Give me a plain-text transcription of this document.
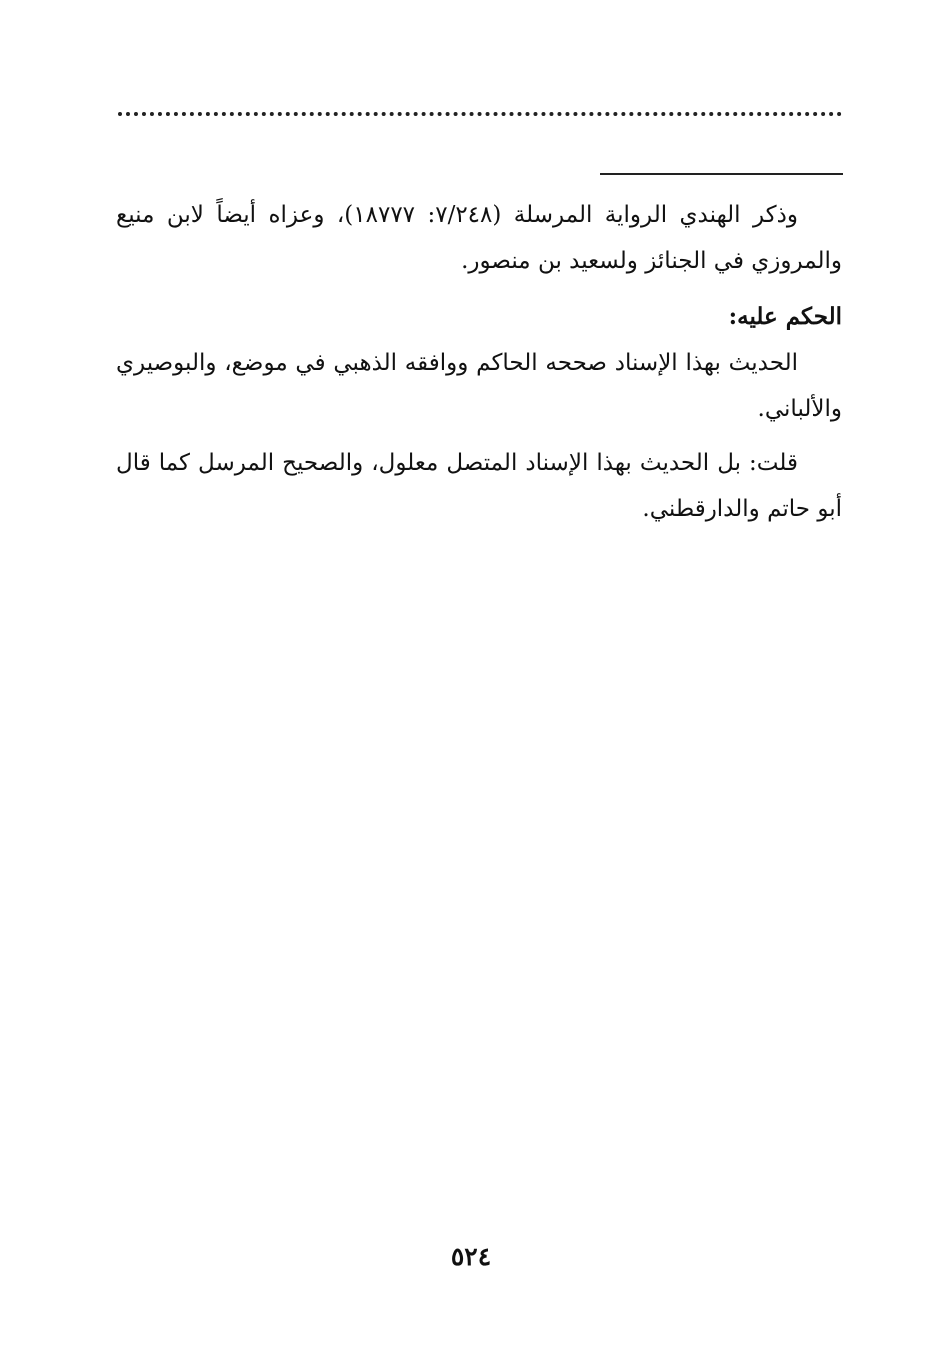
وذكر الهندي الرواية المرسلة (٧/٢٤٨: ١٨٧٧٧)، وعزاه أيضاً لابن منيع والمروزي في الجنائز ولسعيد بن منصور.

الحكم عليه:

الحديث بهذا الإسناد صححه الحاكم ووافقه الذهبي في موضع، والبوصيري والألباني.

قلت: بل الحديث بهذا الإسناد المتصل معلول، والصحيح المرسل كما قال أبو حاتم والدارقطني.

٥٢٤
